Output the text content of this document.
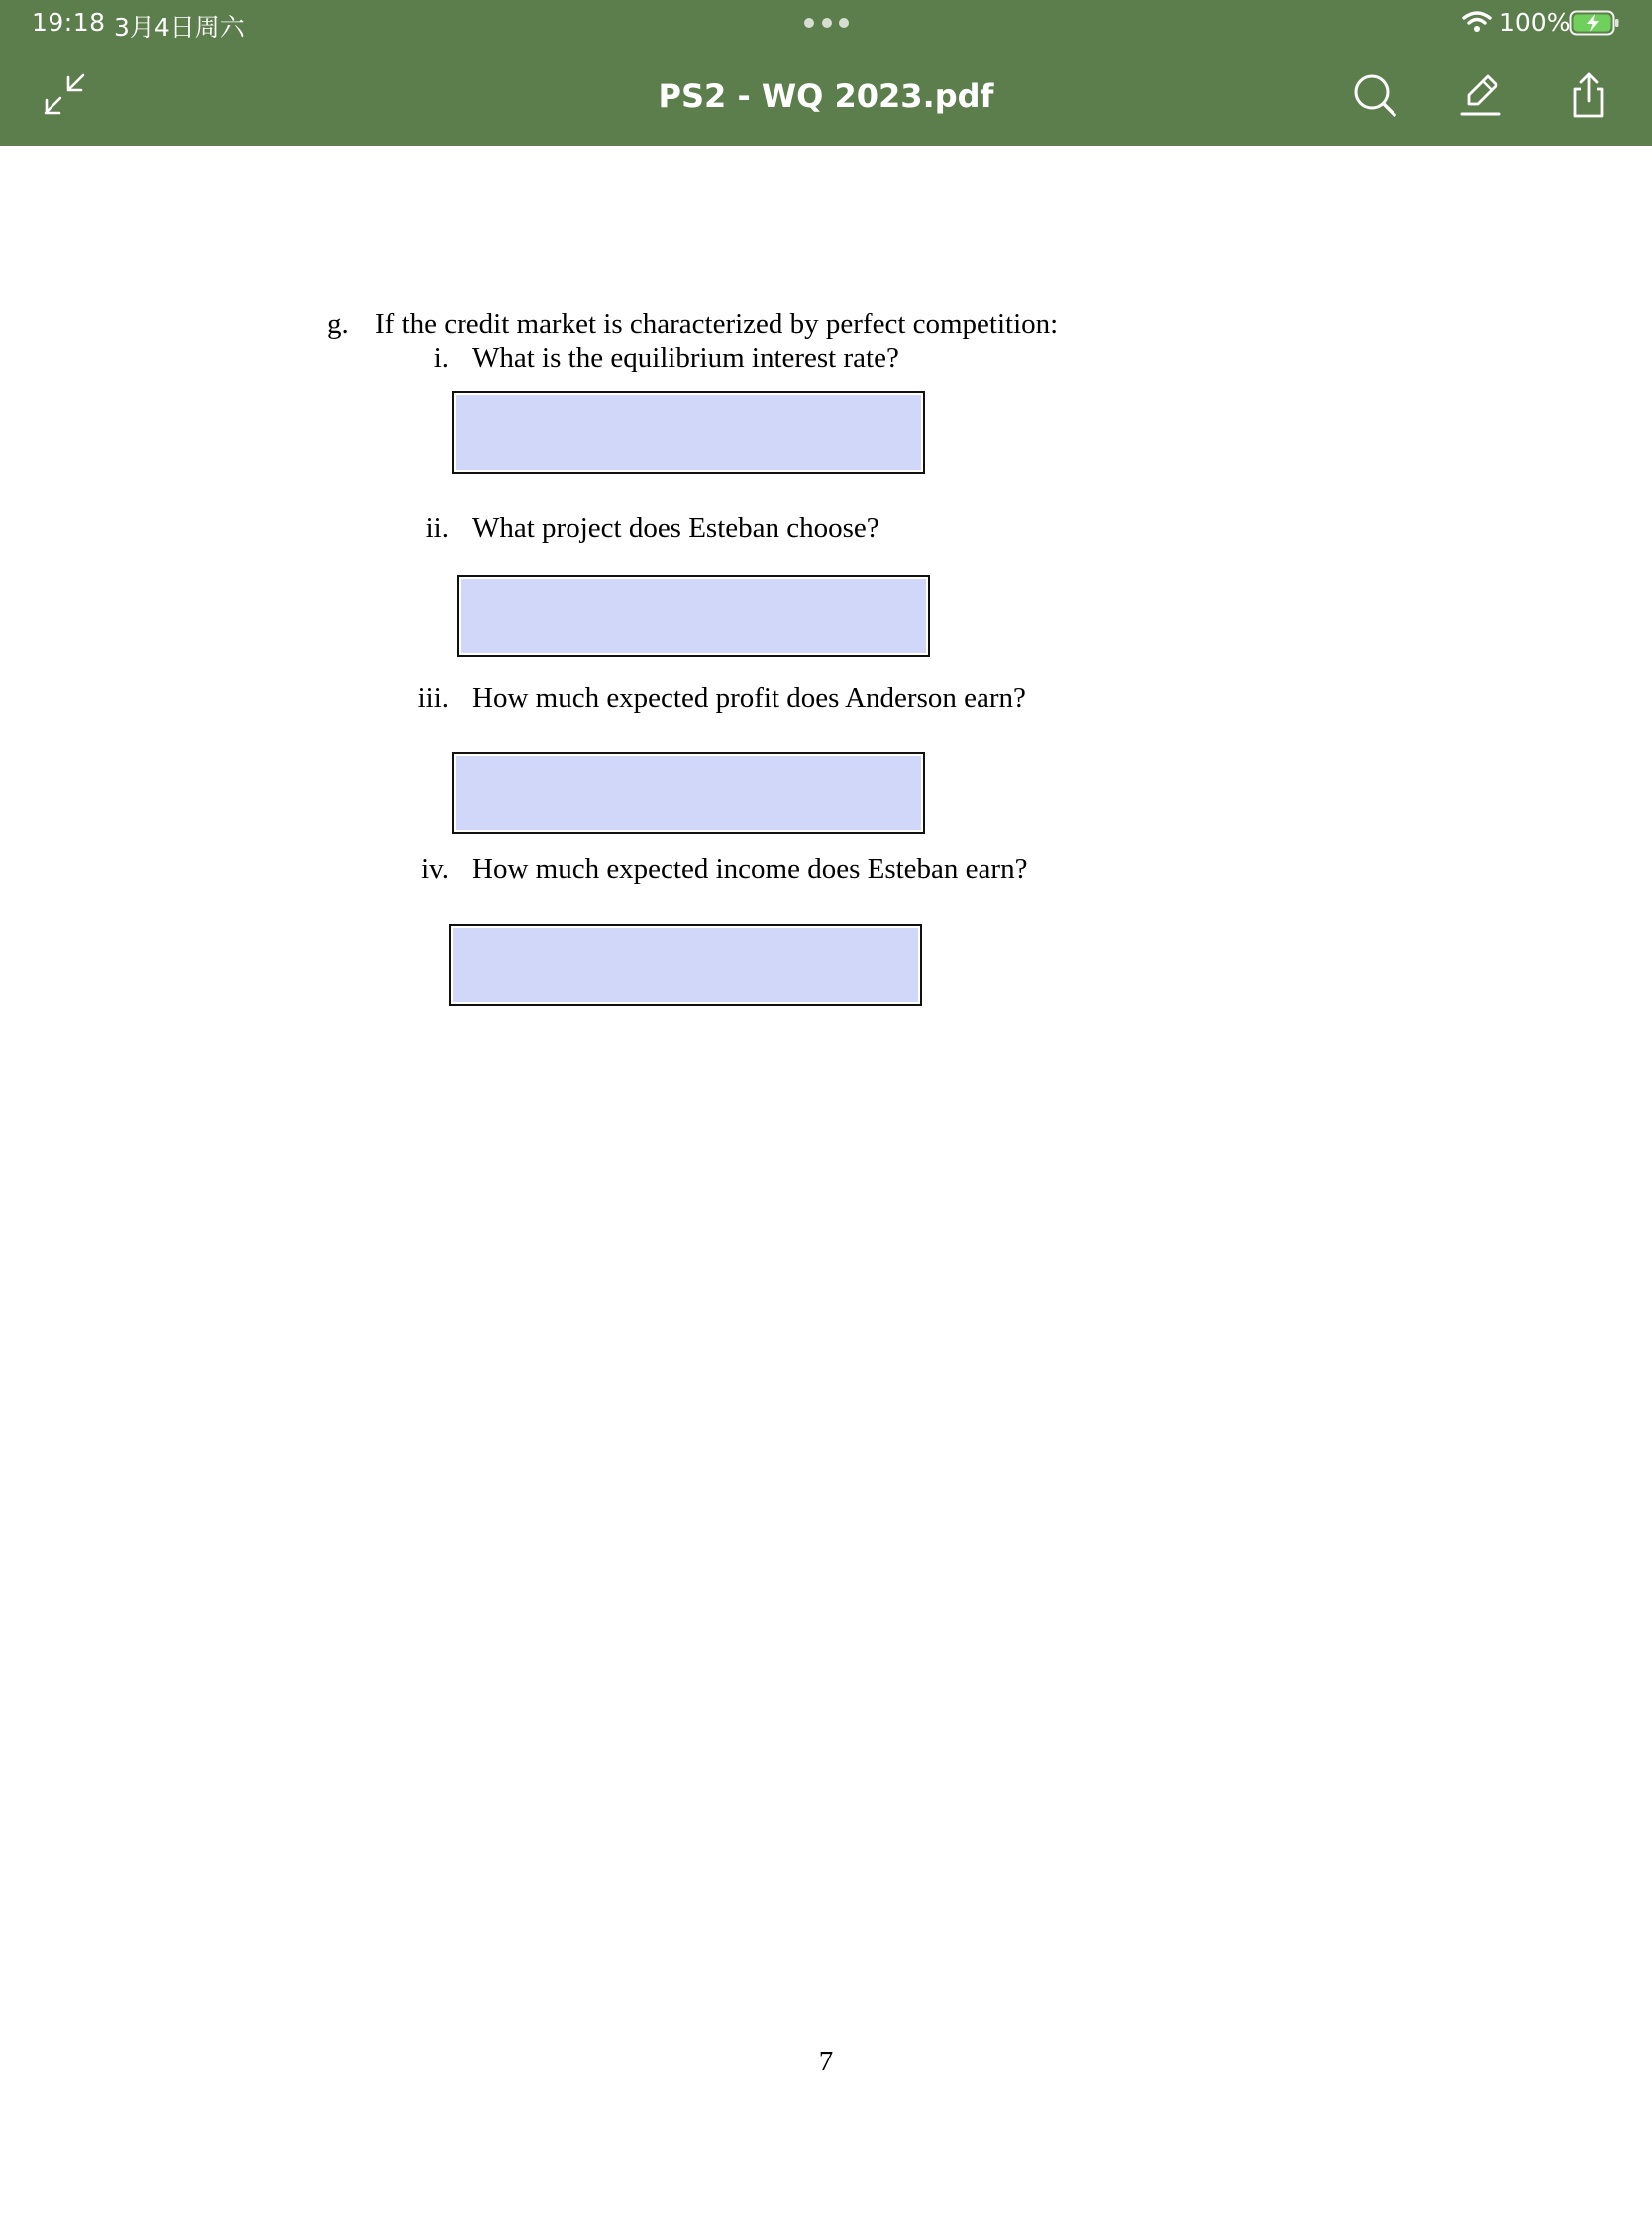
19:18 3月4日周六	100%
PS2 - WQ 2023.pdf
g. If the credit market is characterized by perfect competition:
i. What is the equilibrium interest rate?
ii. What project does Esteban choose?
iii. How much expected profit does Anderson earn?
iv. How much expected income does Esteban earn?
7
